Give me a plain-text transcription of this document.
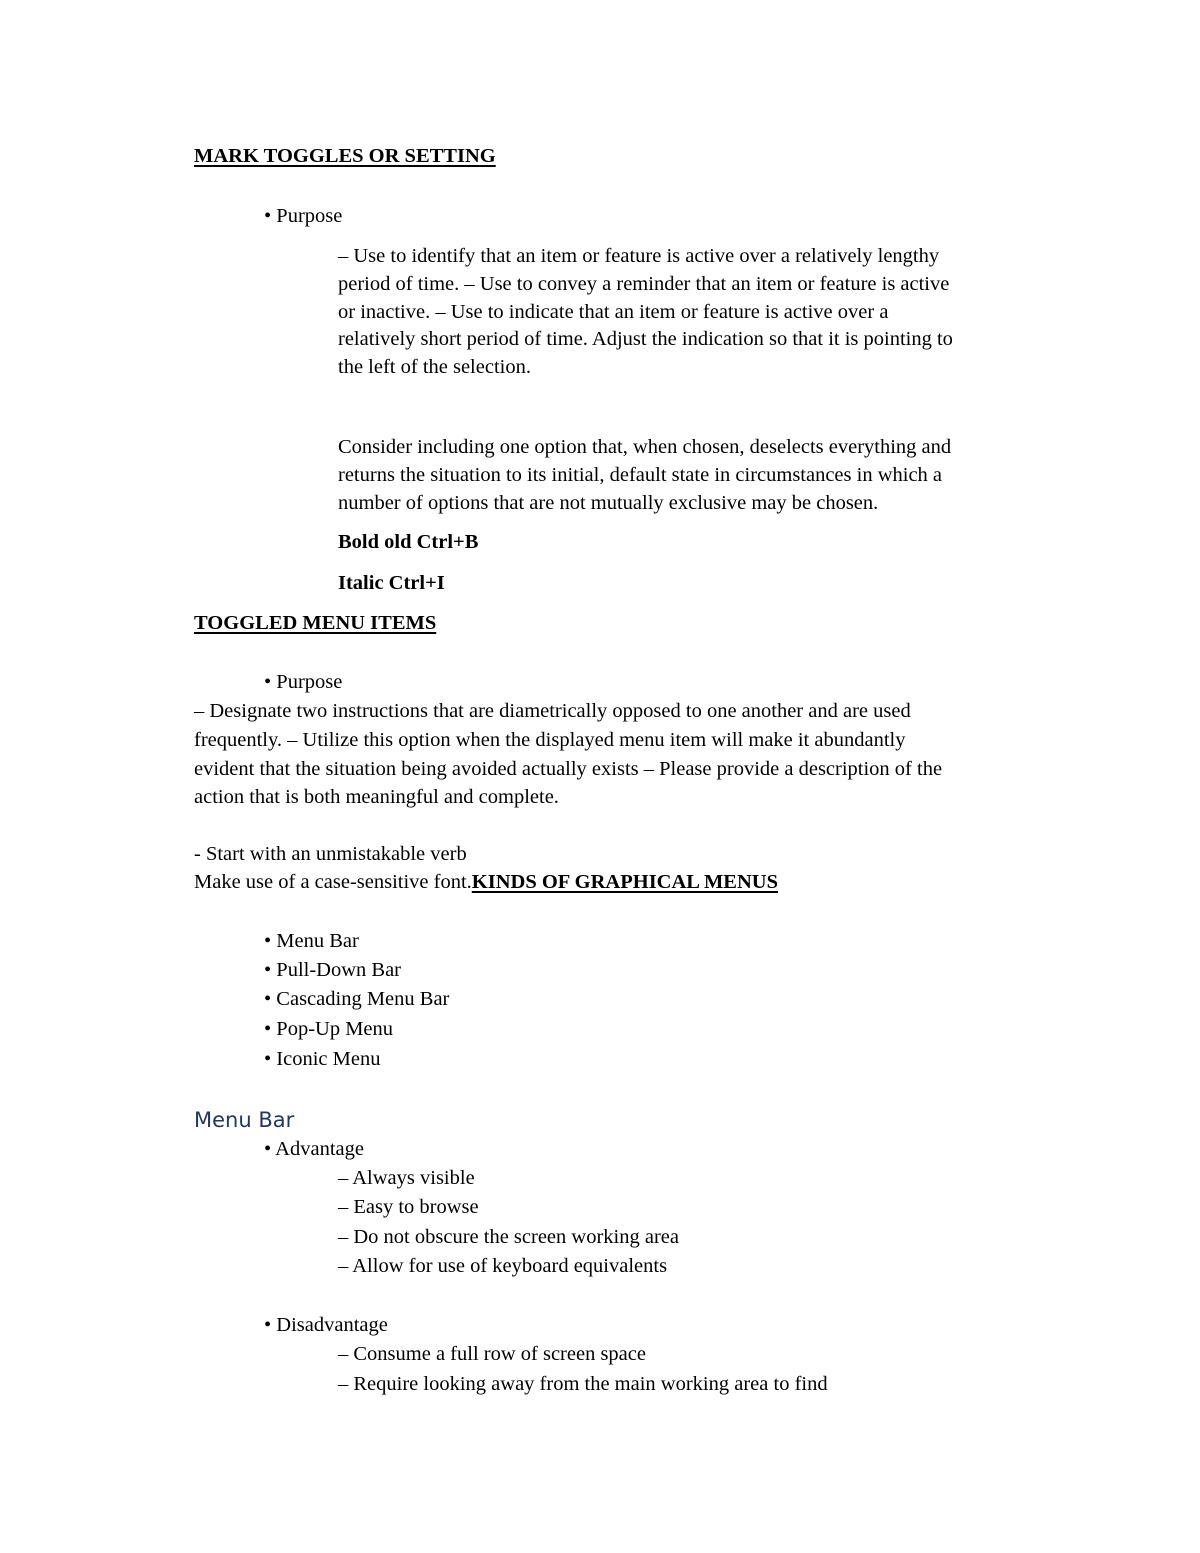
MARK TOGGLES OR SETTING

• Purpose

– Use to identify that an item or feature is active over a relatively lengthy

period of time. – Use to convey a reminder that an item or feature is active

or inactive. – Use to indicate that an item or feature is active over a

relatively short period of time. Adjust the indication so that it is pointing to

the left of the selection.

Consider including one option that, when chosen, deselects everything and

returns the situation to its initial, default state in circumstances in which a

number of options that are not mutually exclusive may be chosen.

Bold old Ctrl+B

Italic Ctrl+I

TOGGLED MENU ITEMS

• Purpose

– Designate two instructions that are diametrically opposed to one another and are used

frequently. – Utilize this option when the displayed menu item will make it abundantly

evident that the situation being avoided actually exists – Please provide a description of the

action that is both meaningful and complete.

- Start with an unmistakable verb

Make use of a case-sensitive font.KINDS OF GRAPHICAL MENUS

• Menu Bar

• Pull-Down Bar

• Cascading Menu Bar

• Pop-Up Menu

• Iconic Menu

Menu Bar

• Advantage

– Always visible

– Easy to browse

– Do not obscure the screen working area

– Allow for use of keyboard equivalents

• Disadvantage

– Consume a full row of screen space

– Require looking away from the main working area to find
